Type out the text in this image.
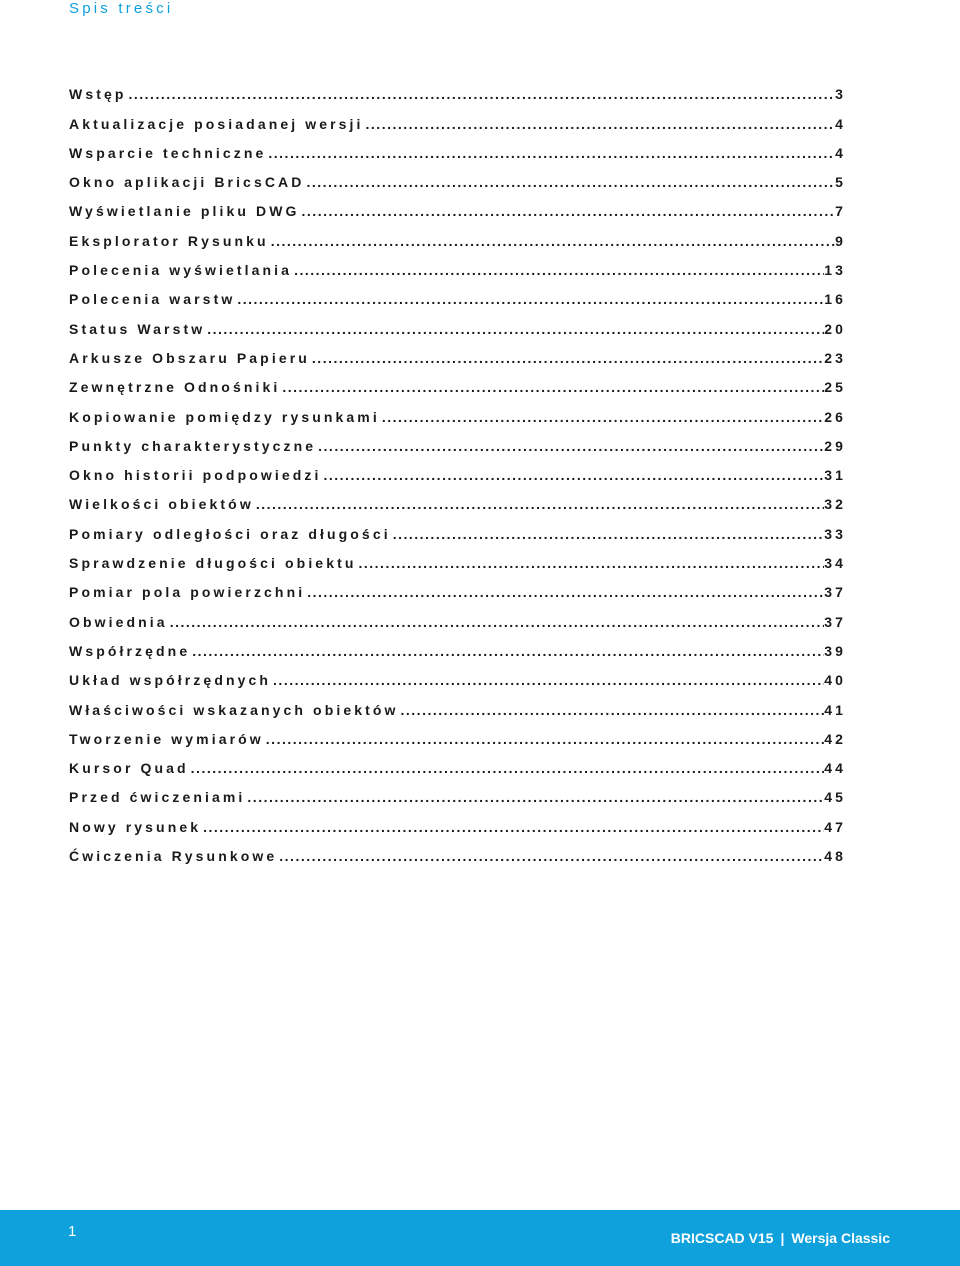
Spis treści
Wstęp .....	3
Aktualizacje posiadanej wersji .....	4
Wsparcie techniczne .....	4
Okno aplikacji BricsCAD .....	5
Wyświetlanie pliku DWG .....	7
Eksplorator Rysunku .....	9
Polecenia wyświetlania .....	13
Polecenia warstw .....	16
Status Warstw .....	20
Arkusze Obszaru Papieru .....	23
Zewnętrzne Odnośniki .....	25
Kopiowanie pomiędzy rysunkami .....	26
Punkty charakterystyczne .....	29
Okno historii podpowiedzi .....	31
Wielkości obiektów .....	32
Pomiary odległości oraz długości .....	33
Sprawdzenie długości obiektu .....	34
Pomiar pola powierzchni .....	37
Obwiednia .....	37
Współrzędne .....	39
Układ współrzędnych .....	40
Właściwości wskazanych obiektów .....	41
Tworzenie wymiarów .....	42
Kursor Quad .....	44
Przed ćwiczeniami .....	45
Nowy rysunek .....	47
Ćwiczenia Rysunkowe .....	48
1	BRICSCAD V15 | Wersja Classic
